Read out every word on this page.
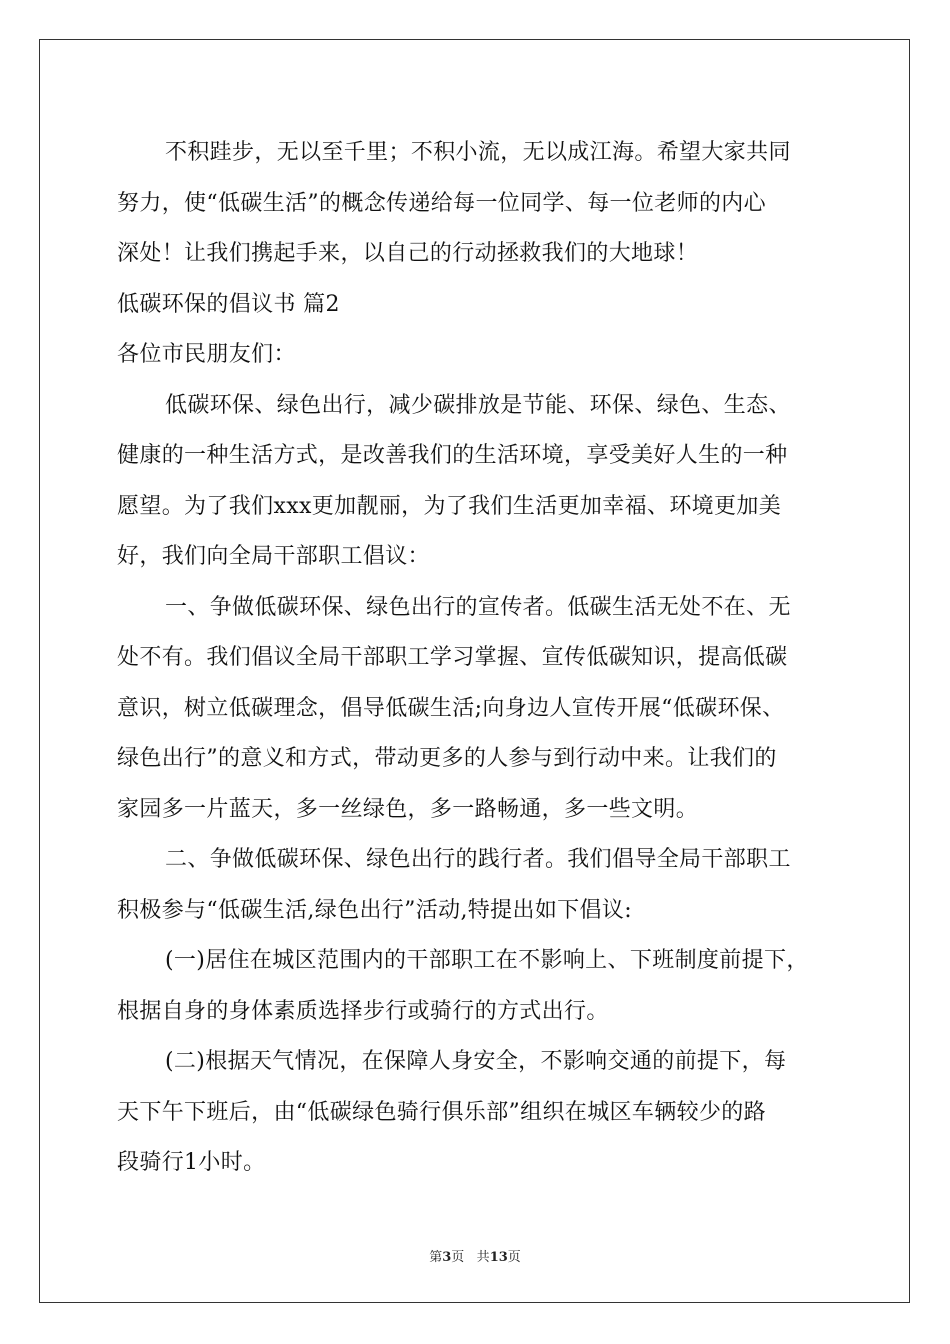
不积跬步，无以至千里；不积小流，无以成江海。希望大家共同
努力，使“低碳生活”的概念传递给每一位同学、每一位老师的内心
深处！让我们携起手来，以自己的行动拯救我们的大地球！
低碳环保的倡议书 篇2
各位市民朋友们：
低碳环保、绿色出行，减少碳排放是节能、环保、绿色、生态、
健康的一种生活方式，是改善我们的生活环境，享受美好人生的一种
愿望。为了我们xxx更加靓丽，为了我们生活更加幸福、环境更加美
好，我们向全局干部职工倡议：
一、争做低碳环保、绿色出行的宣传者。低碳生活无处不在、无
处不有。我们倡议全局干部职工学习掌握、宣传低碳知识，提高低碳
意识，树立低碳理念，倡导低碳生活;向身边人宣传开展“低碳环保、
绿色出行”的意义和方式，带动更多的人参与到行动中来。让我们的
家园多一片蓝天，多一丝绿色，多一路畅通，多一些文明。
二、争做低碳环保、绿色出行的践行者。我们倡导全局干部职工
积极参与“低碳生活,绿色出行”活动,特提出如下倡议:
(一)居住在城区范围内的干部职工在不影响上、下班制度前提下，
根据自身的身体素质选择步行或骑行的方式出行。
(二)根据天气情况，在保障人身安全，不影响交通的前提下，每
天下午下班后，由“低碳绿色骑行俱乐部”组织在城区车辆较少的路
段骑行1小时。
第3页 共13页
